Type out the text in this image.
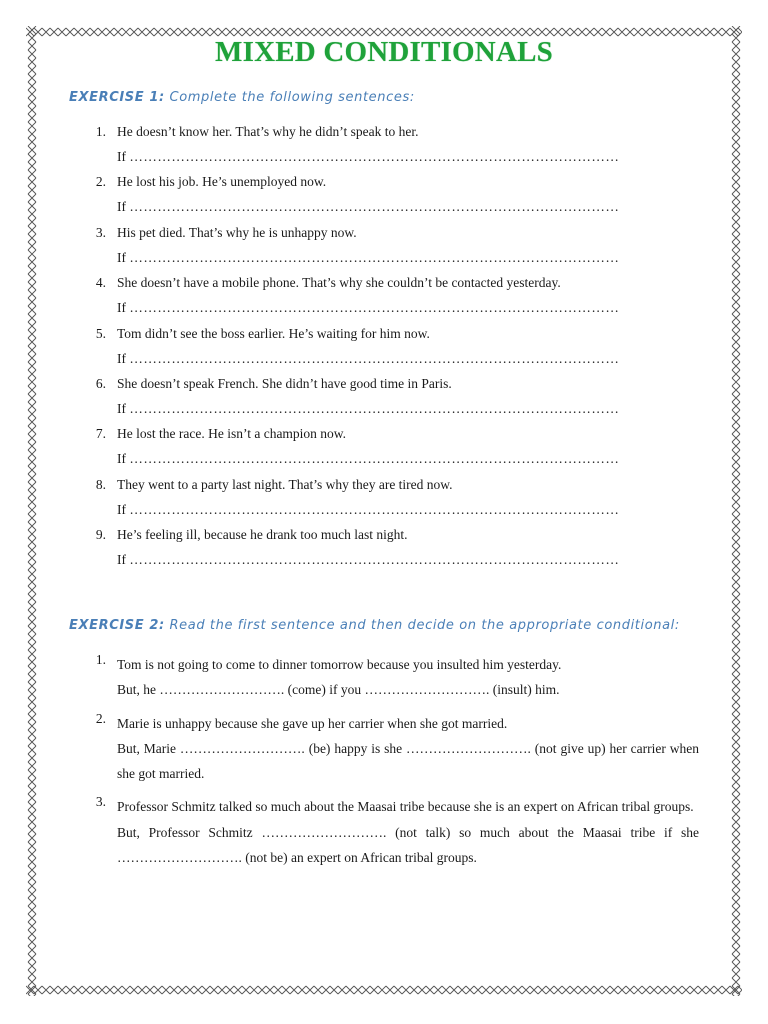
MIXED CONDITIONALS
EXERCISE 1: Complete the following sentences:
1. He doesn’t know her. That’s why he didn’t speak to her.
If ……………………………………………………………………………………………
2. He lost his job. He’s unemployed now.
If ……………………………………………………………………………………………
3. His pet died. That’s why he is unhappy now.
If ……………………………………………………………………………………………
4. She doesn’t have a mobile phone. That’s why she couldn’t be contacted yesterday.
If ……………………………………………………………………………………………
5. Tom didn’t see the boss earlier. He’s waiting for him now.
If ……………………………………………………………………………………………
6. She doesn’t speak French. She didn’t have good time in Paris.
If ……………………………………………………………………………………………
7. He lost the race. He isn’t a champion now.
If ……………………………………………………………………………………………
8. They went to a party last night. That’s why they are tired now.
If ……………………………………………………………………………………………
9. He’s feeling ill, because he drank too much last night.
If ……………………………………………………………………………………………
EXERCISE 2: Read the first sentence and then decide on the appropriate conditional:
1. Tom is not going to come to dinner tomorrow because you insulted him yesterday.

But, he ………………………. (come) if you ………………………. (insult) him.

2. Marie is unhappy because she gave up her carrier when she got married.

But, Marie ………………………. (be) happy is she ………………………. (not give up) her carrier when she got married.

3. Professor Schmitz talked so much about the Maasai tribe because she is an expert on African tribal groups.

But, Professor Schmitz ………………………. (not talk) so much about the Maasai tribe if she ………………………. (not be) an expert on African tribal groups.
